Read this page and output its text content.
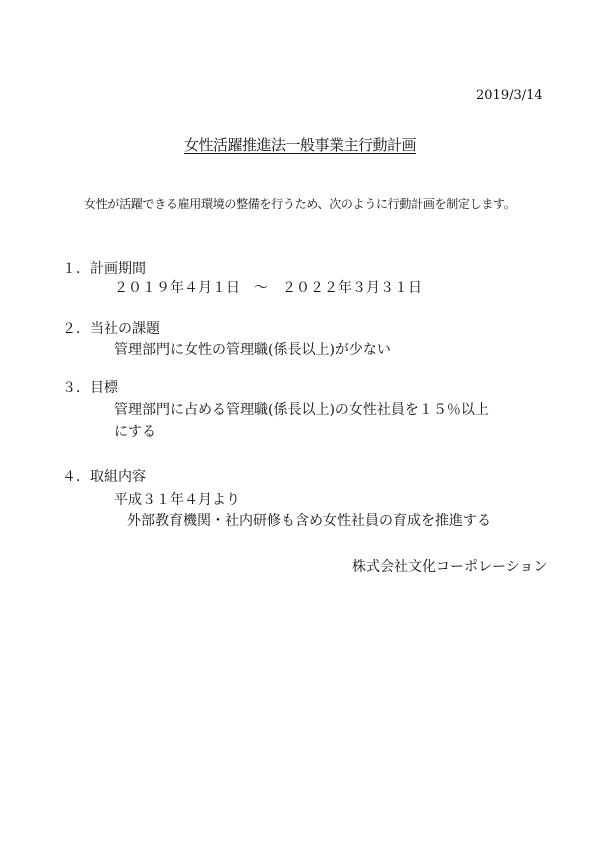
2019/3/14
女性活躍推進法一般事業主行動計画
女性が活躍できる雇用環境の整備を行うため、次のように行動計画を制定します。
１．計画期間
２０１９年４月１日　～　２０２２年３月３１日
２．当社の課題
管理部門に女性の管理職(係長以上)が少ない
３．目標
管理部門に占める管理職(係長以上)の女性社員を１５％以上
にする
４．取組内容
平成３１年４月より
外部教育機関・社内研修も含め女性社員の育成を推進する
株式会社文化コーポレーション
